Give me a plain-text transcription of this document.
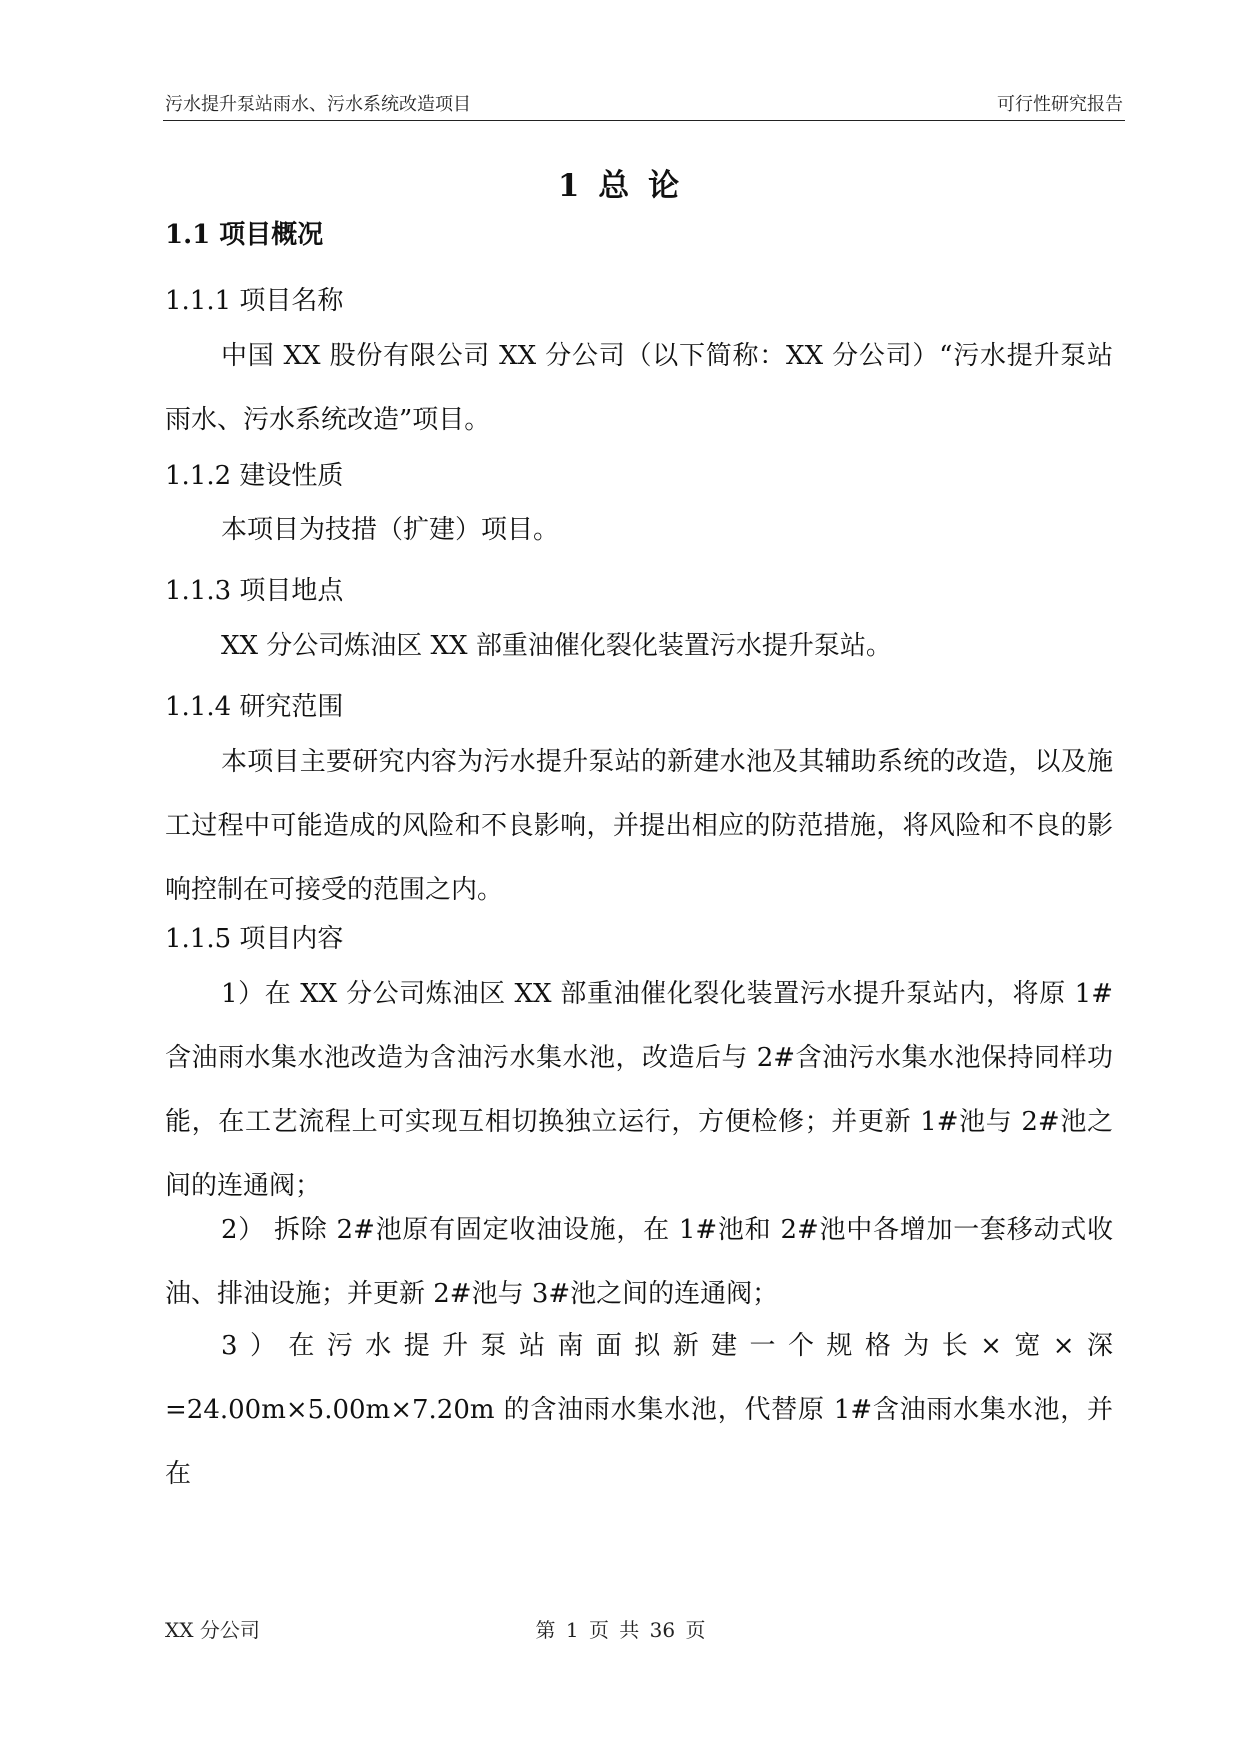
污水提升泵站雨水、污水系统改造项目	可行性研究报告
1 总 论
1.1 项目概况
1.1.1 项目名称
中国 XX 股份有限公司 XX 分公司（以下简称：XX 分公司）“污水提升泵站雨水、污水系统改造”项目。
1.1.2 建设性质
本项目为技措（扩建）项目。
1.1.3 项目地点
XX 分公司炼油区 XX 部重油催化裂化装置污水提升泵站。
1.1.4 研究范围
本项目主要研究内容为污水提升泵站的新建水池及其辅助系统的改造，以及施工过程中可能造成的风险和不良影响，并提出相应的防范措施，将风险和不良的影响控制在可接受的范围之内。
1.1.5 项目内容
1）在 XX 分公司炼油区 XX 部重油催化裂化装置污水提升泵站内，将原 1#含油雨水集水池改造为含油污水集水池，改造后与 2#含油污水集水池保持同样功能，在工艺流程上可实现互相切换独立运行，方便检修；并更新 1#池与 2#池之间的连通阀；
2） 拆除 2#池原有固定收油设施，在 1#池和 2#池中各增加一套移动式收油、排油设施；并更新 2#池与 3#池之间的连通阀；
3）在污水提升泵站南面拟新建一个规格为长×宽×深=24.00m×5.00m×7.20m 的含油雨水集水池，代替原 1#含油雨水集水池，并在
XX 分公司	第 1 页 共 36 页
